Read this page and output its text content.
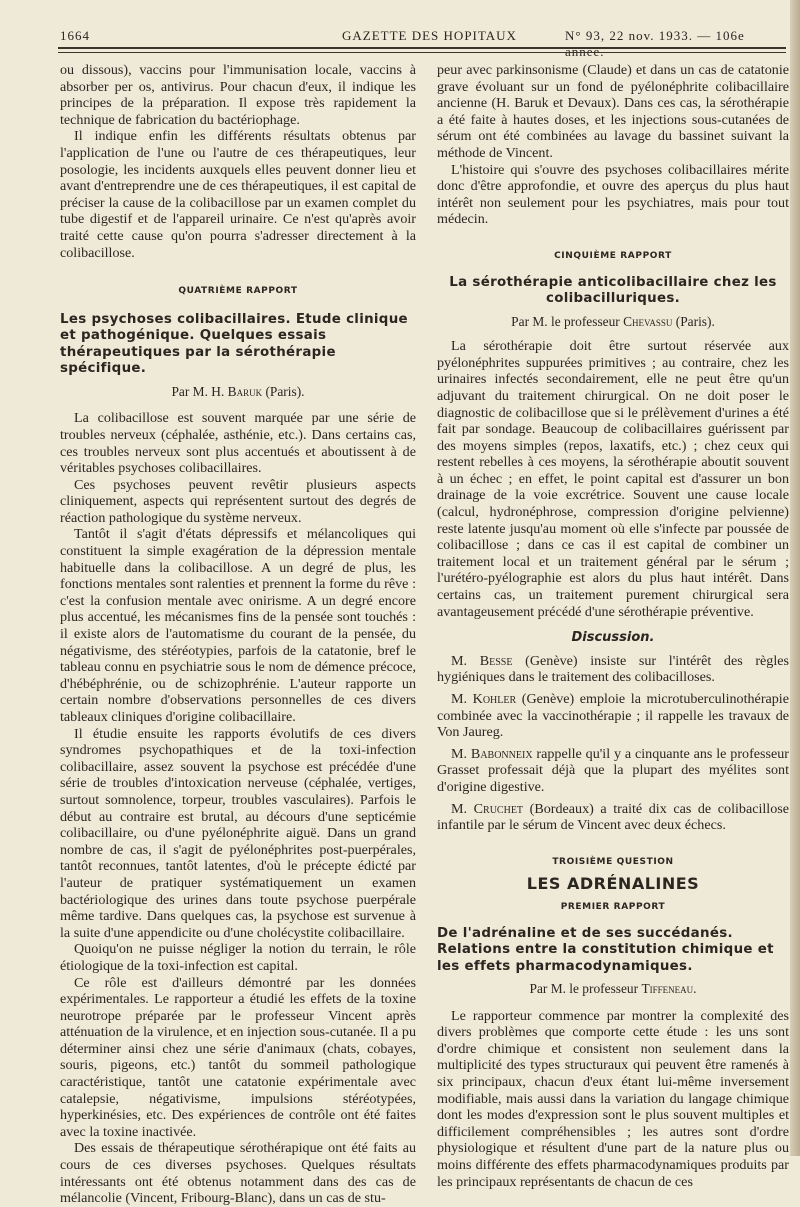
1664	GAZETTE DES HOPITAUX	N° 93, 22 nov. 1933. — 106e année.

ou dissous), vaccins pour l'immunisation locale, vaccins à absorber per os, antivirus. Pour chacun d'eux, il indique les principes de la préparation. Il expose très rapidement la technique de fabrication du bactériophage.

Il indique enfin les différents résultats obtenus par l'application de l'une ou l'autre de ces thérapeutiques, leur posologie, les incidents auxquels elles peuvent donner lieu et avant d'entreprendre une de ces thérapeutiques, il est capital de préciser la cause de la colibacillose par un examen complet du tube digestif et de l'appareil urinaire. Ce n'est qu'après avoir traité cette cause qu'on pourra s'adresser directement à la colibacillose.

QUATRIÈME RAPPORT
Les psychoses colibacillaires. Etude clinique et pathogénique. Quelques essais thérapeutiques par la sérothérapie spécifique.
Par M. H. Baruk (Paris).

La colibacillose est souvent marquée par une série de troubles nerveux (céphalée, asthénie, etc.). Dans certains cas, ces troubles nerveux sont plus accentués et aboutissent à de véritables psychoses colibacillaires.

Ces psychoses peuvent revêtir plusieurs aspects cliniquement, aspects qui représentent surtout des degrés de réaction pathologique du système nerveux.

Tantôt il s'agit d'états dépressifs et mélancoliques qui constituent la simple exagération de la dépression mentale habituelle dans la colibacillose. A un degré de plus, les fonctions mentales sont ralenties et prennent la forme du rêve : c'est la confusion mentale avec onirisme. A un degré encore plus accentué, les mécanismes fins de la pensée sont touchés : il existe alors de l'automatisme du courant de la pensée, du négativisme, des stéréotypies, parfois de la catatonie, bref le tableau connu en psychiatrie sous le nom de démence précoce, d'hébéphrénie, ou de schizophrénie. L'auteur rapporte un certain nombre d'observations personnelles de ces divers tableaux cliniques d'origine colibacillaire.

Il étudie ensuite les rapports évolutifs de ces divers syndromes psychopathiques et de la toxi-infection colibacillaire, assez souvent la psychose est précédée d'une série de troubles d'intoxication nerveuse (céphalée, vertiges, surtout somnolence, torpeur, troubles vasculaires). Parfois le début au contraire est brutal, au décours d'une septicémie colibacillaire, ou d'une pyélonéphrite aiguë. Dans un grand nombre de cas, il s'agit de pyélonéphrites post-puerpérales, tantôt reconnues, tantôt latentes, d'où le précepte édicté par l'auteur de pratiquer systématiquement un examen bactériologique des urines dans toute psychose puerpérale même tardive. Dans quelques cas, la psychose est survenue à la suite d'une appendicite ou d'une cholécystite colibacillaire.

Quoiqu'on ne puisse négliger la notion du terrain, le rôle étiologique de la toxi-infection est capital.

Ce rôle est d'ailleurs démontré par les données expérimentales. Le rapporteur a étudié les effets de la toxine neurotrope préparée par le professeur Vincent après atténuation de la virulence, et en injection sous-cutanée. Il a pu déterminer ainsi chez une série d'animaux (chats, cobayes, souris, pigeons, etc.) tantôt du sommeil pathologique caractéristique, tantôt une catatonie expérimentale avec catalepsie, négativisme, impulsions stéréotypées, hyperkinésies, etc. Des expériences de contrôle ont été faites avec la toxine inactivée.

Des essais de thérapeutique sérothérapique ont été faits au cours de ces diverses psychoses. Quelques résultats intéressants ont été obtenus notamment dans des cas de mélancolie (Vincent, Fribourg-Blanc), dans un cas de stu-

peur avec parkinsonisme (Claude) et dans un cas de catatonie grave évoluant sur un fond de pyélonéphrite colibacillaire ancienne (H. Baruk et Devaux). Dans ces cas, la sérothérapie a été faite à hautes doses, et les injections sous-cutanées de sérum ont été combinées au lavage du bassinet suivant la méthode de Vincent.

L'histoire qui s'ouvre des psychoses colibacillaires mérite donc d'être approfondie, et ouvre des aperçus du plus haut intérêt non seulement pour les psychiatres, mais pour tout médecin.

CINQUIÈME RAPPORT
La sérothérapie anticolibacillaire chez les colibacilluriques.
Par M. le professeur Chevassu (Paris).

La sérothérapie doit être surtout réservée aux pyélonéphrites suppurées primitives ; au contraire, chez les urinaires infectés secondairement, elle ne peut être qu'un adjuvant du traitement chirurgical. On ne doit poser le diagnostic de colibacillose que si le prélèvement d'urines a été fait par sondage. Beaucoup de colibacillaires guérissent par des moyens simples (repos, laxatifs, etc.) ; chez ceux qui restent rebelles à ces moyens, la sérothérapie aboutit souvent à un échec ; en effet, le point capital est d'assurer un bon drainage de la voie excrétrice. Souvent une cause locale (calcul, hydronéphrose, compression d'origine pelvienne) reste latente jusqu'au moment où elle s'infecte par poussée de colibacillose ; dans ce cas il est capital de combiner un traitement local et un traitement général par le sérum ; l'urétéro-pyélographie est alors du plus haut intérêt. Dans certains cas, un traitement purement chirurgical sera avantageusement précédé d'une sérothérapie préventive.

Discussion.

M. Besse (Genève) insiste sur l'intérêt des règles hygiéniques dans le traitement des colibacilloses.

M. Kohler (Genève) emploie la microtuberculinothérapie combinée avec la vaccinothérapie ; il rappelle les travaux de Von Jaureg.

M. Babonneix rappelle qu'il y a cinquante ans le professeur Grasset professait déjà que la plupart des myélites sont d'origine digestive.

M. Cruchet (Bordeaux) a traité dix cas de colibacillose infantile par le sérum de Vincent avec deux échecs.

TROISIÈME QUESTION
LES ADRÉNALINES
PREMIER RAPPORT
De l'adrénaline et de ses succédanés. Relations entre la constitution chimique et les effets pharmacodynamiques.
Par M. le professeur Tiffeneau.

Le rapporteur commence par montrer la complexité des divers problèmes que comporte cette étude : les uns sont d'ordre chimique et consistent non seulement dans la multiplicité des types structuraux qui peuvent être ramenés à six principaux, chacun d'eux étant lui-même inversement modifiable, mais aussi dans la variation du langage chimique dont les modes d'expression sont le plus souvent multiples et difficilement compréhensibles ; les autres sont d'ordre physiologique et résultent d'une part de la nature plus ou moins différente des effets pharmacodynamiques produits par les principaux représentants de chacun de ces
